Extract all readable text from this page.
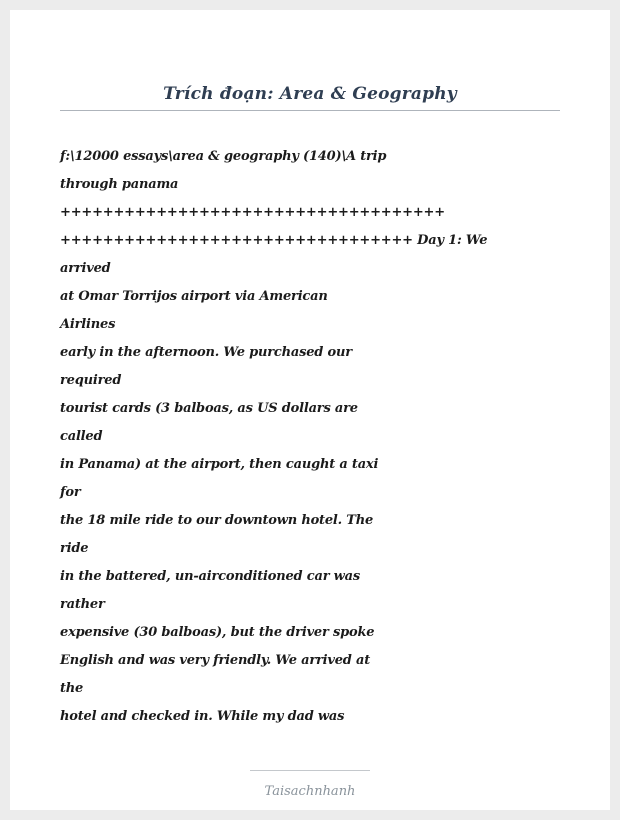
Trích đoạn: Area & Geography
f:\12000 essays\area & geography (140)\A trip
through panama
++++++++++++++++++++++++++++++++++++
+++++++++++++++++++++++++++++++++ Day 1: We
arrived
at Omar Torrijos airport via American
Airlines
early in the afternoon. We purchased our
required
tourist cards (3 balboas, as US dollars are
called
in Panama) at the airport, then caught a taxi
for
the 18 mile ride to our downtown hotel. The
ride
in the battered, un-airconditioned car was
rather
expensive (30 balboas), but the driver spoke
English and was very friendly. We arrived at
the
hotel and checked in. While my dad was
Taisachnhanh
